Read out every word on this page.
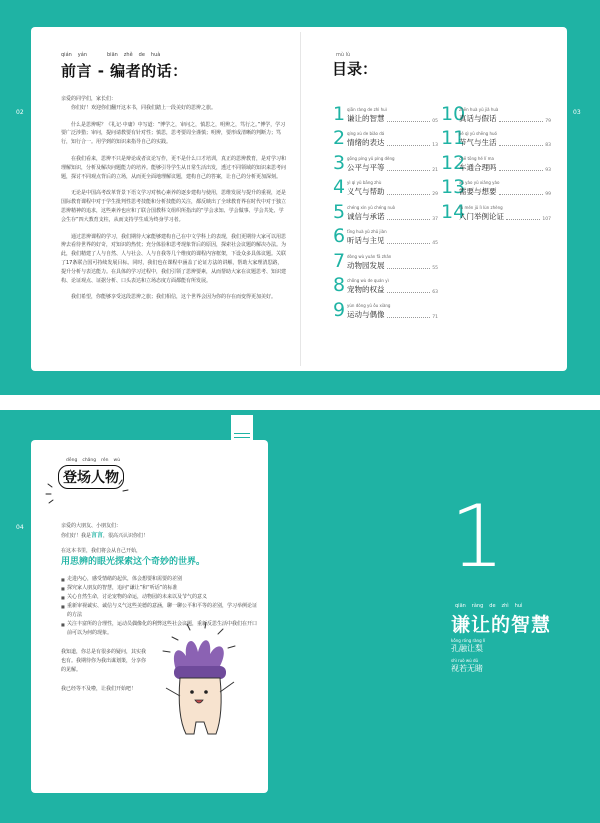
02	03
qián yán	biān zhě de huà
前言 - 编者的话：

亲爱的同学们，家长们：

你们好！欢迎你们翻开这本书，同我们踏上一段美好的思辨之旅。

什么是思辨呢？《礼记·中庸》中写道：“博学之，审问之，慎思之，明辨之，笃行之。”博学，学习要广泛涉猎；审问，提问请教要有针对性；慎思，思考要周全谨慎；明辨，要形成清晰的判断力；笃行，知行合一。用学到的知识来指导自己的实践。

在我们看来，思辨不只是辩论或者议论写作，更不是什么口才培训，真正的思辨教育，是对学习和理解知识，分析及解决问题能力的培养。能够引导学生从日常生活出发，透过不同领域的知识来思考问题，探讨不同观点背后的立场，从而更全面地理解议题，建构自己的答案，让自己的分析更加深刻。

无论是中国高考改革背景下语文学习对核心素养的逐步建构与使用，思维发展与提升的重视，还是国际教育课程中对于学生批判性思考技能和分析技能的关注，都反映出了全球教育界在时代中对于独立思辨精神的追求，这些素养也应和了联合国教科文组织所指出的“学会求知、学会做事、学会共处、学会生存”四大教育支柱，从而支持学生成为终身学习者。

通过思辨课程的学习，我们期待大家能够建构自己在中文学科上的表现，我们更期待大家可以用思辨去看待世界的好奇，对知识的热忱；充分体验和思考现象背后的原因，探索社会议题的解决办法。为此，我们精建了人与自然、人与社会、人与自我等几个维度的课程内容框架，下设众多具体议题。关联了17条联合国可持续发展目标。同时，我们也在课程中涵盖了论证方法的讲解，帮助大家理清思路，提升分析与表达能力。在具体的学习过程中，我们引领了思辨要素，从而帮助大家在议题思考、知识建构、论证观点、证据分析、口头表达和立场态度方面都能有所发展。

我们希望，你能够享受这段思辨之旅；我们相信，这个世界会因为你的存在而变得更加美好。

mù lù
目录：
1 qiān ràng de zhì huì
谦让的智慧	05
2 qíng xù de biǎo dá
情绪的表达	13
3 gōng píng yǔ píng děng
公平与平等	21
4 yì qì yǔ bāng zhù
义气与帮助	29
5 chéng xìn yǔ chéng nuò
诚信与承诺	37
6 tīng huà yǔ zhǔ jiàn
听话与主见	45
7 dòng wù yuán fā zhǎn
动物园发展	55
8 chǒng wù de quán yì
宠物的权益	63
9 yùn dòng yǔ ǒu xiàng
运动与偶像	71
10
zhēn huà yǔ jiǎ huà
真话与假话	79
11
jié qì yǔ shēng huó
节气与生活	83
12
chē tōng hé lǐ ma
车通合理吗	93
13
xū yào yǔ xiǎng yào
需要与想要	99
14
rù mén jǔ lì lùn zhèng
入门举例论证	107
04
dēng chǎng rén wù
登场人物
亲爱的大朋友、小朋友们：
你们好！我是言言，很高兴认识你们！
在这本书里，我们将会从自己开始，
用思辨的眼光探索这个奇妙的世界。
■ 走进内心，感受情绪的起伏，体会想要和需要的差别
■ 探究家人朋友的智慧，追问“谦让”和“听话”的标准
■ 关心自然生命，讨论宠物的命运，动物园的未来以及节气的意义
■ 重新审视诚实、诚信与义气这些美德的意涵，聊一聊公平和平等的差别，学习举例论证的方法
■ 关注丰富所的合理性，运动员偶像化的利弊这些社会议题，重新反思生活中我们在开口前可以为何的现象。

我知道，你总是有很多的疑问，其实我也有。我期待你为我出谋划策，分享你的见解。

我已经等不及啦，让我们开始吧！

1
qiān ràng de zhì huì
谦让的智慧
kǒng róng ràng lí
孔融让梨
shì ruò wú dǔ
视若无睹
